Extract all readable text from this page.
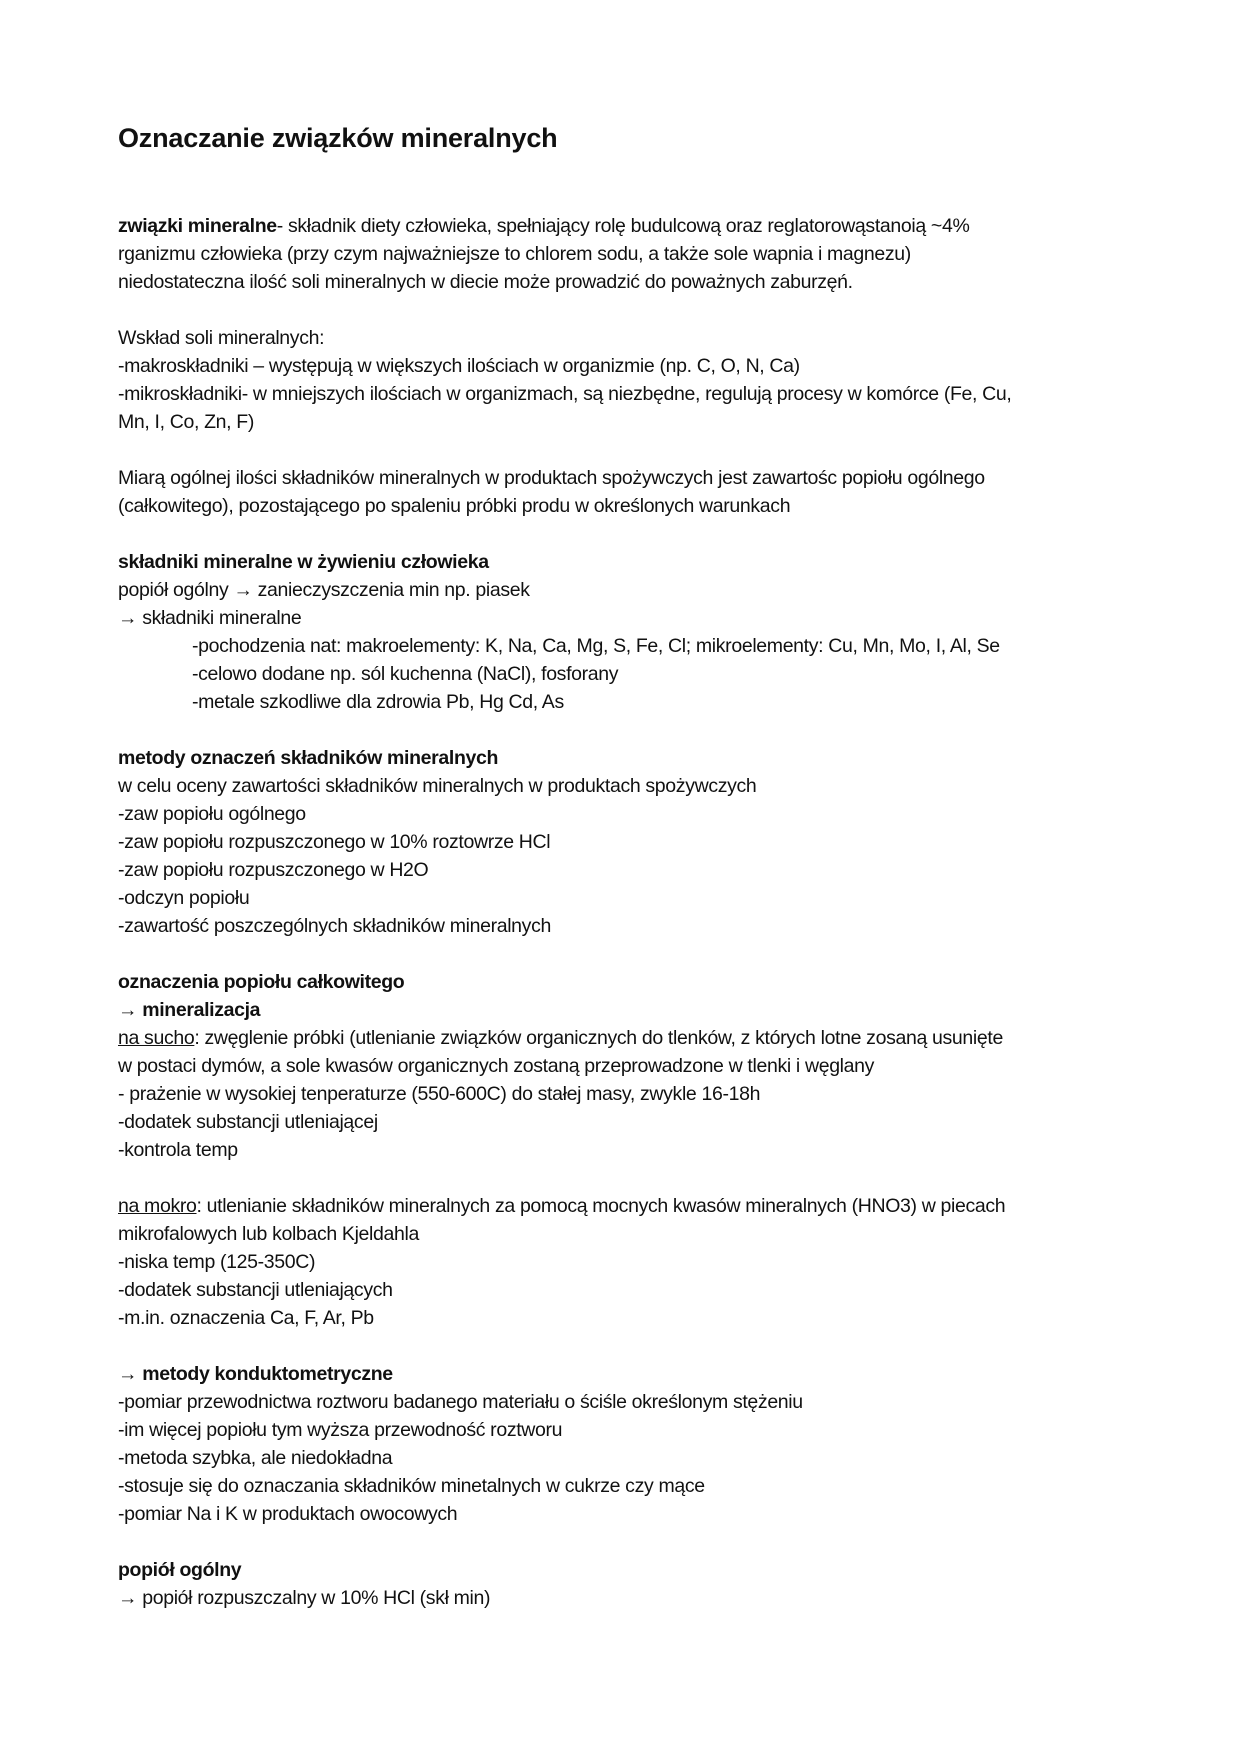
Oznaczanie związków mineralnych
związki mineralne- składnik diety człowieka, spełniający rolę budulcową oraz reglatorowąstanoią ~4%
rganizmu człowieka (przy czym najważniejsze to chlorem sodu, a także sole wapnia i magnezu)
niedostateczna ilość soli mineralnych w diecie może prowadzić do poważnych zaburzęń.
Wskład soli mineralnych:
-makroskładniki – występują w większych ilościach w organizmie (np. C, O, N, Ca)
-mikroskładniki- w mniejszych ilościach w organizmach, są niezbędne, regulują procesy w komórce (Fe, Cu,
Mn, I, Co, Zn, F)
Miarą ogólnej ilości składników mineralnych w produktach spożywczych jest zawartośc popiołu ogólnego
(całkowitego), pozostającego po spaleniu próbki produ w określonych warunkach
składniki mineralne w żywieniu człowieka
popiół ogólny → zanieczyszczenia min np. piasek
→ składniki mineralne
-pochodzenia nat: makroelementy: K, Na, Ca, Mg, S, Fe, Cl; mikroelementy: Cu, Mn, Mo, I, Al, Se
-celowo dodane np. sól kuchenna (NaCl), fosforany
-metale szkodliwe dla zdrowia Pb, Hg Cd, As
metody oznaczeń składników mineralnych
w celu oceny zawartości składników mineralnych w produktach spożywczych
-zaw popiołu ogólnego
-zaw popiołu rozpuszczonego w 10% roztowrze HCl
-zaw popiołu rozpuszczonego w H2O
-odczyn popiołu
-zawartość poszczególnych składników mineralnych
oznaczenia popiołu całkowitego
→ mineralizacja
na sucho: zwęglenie próbki (utlenianie związków organicznych do tlenków, z których lotne zosaną usunięte
w postaci dymów, a sole kwasów organicznych zostaną przeprowadzone w tlenki i węglany
- prażenie w wysokiej tenperaturze (550-600C) do stałej masy, zwykle 16-18h
-dodatek substancji utleniającej
-kontrola temp
na mokro: utlenianie składników mineralnych za pomocą mocnych kwasów mineralnych (HNO3) w piecach
mikrofalowych lub kolbach Kjeldahla
-niska temp (125-350C)
-dodatek substancji utleniających
-m.in. oznaczenia Ca, F, Ar, Pb
→ metody konduktometryczne
-pomiar przewodnictwa roztworu badanego materiału o ściśle określonym stężeniu
-im więcej popiołu tym wyższa przewodność roztworu
-metoda szybka, ale niedokładna
-stosuje się do oznaczania składników minetalnych w cukrze czy mące
-pomiar Na i K w produktach owocowych
popiół ogólny
→ popiół rozpuszczalny w 10% HCl (skł min)
